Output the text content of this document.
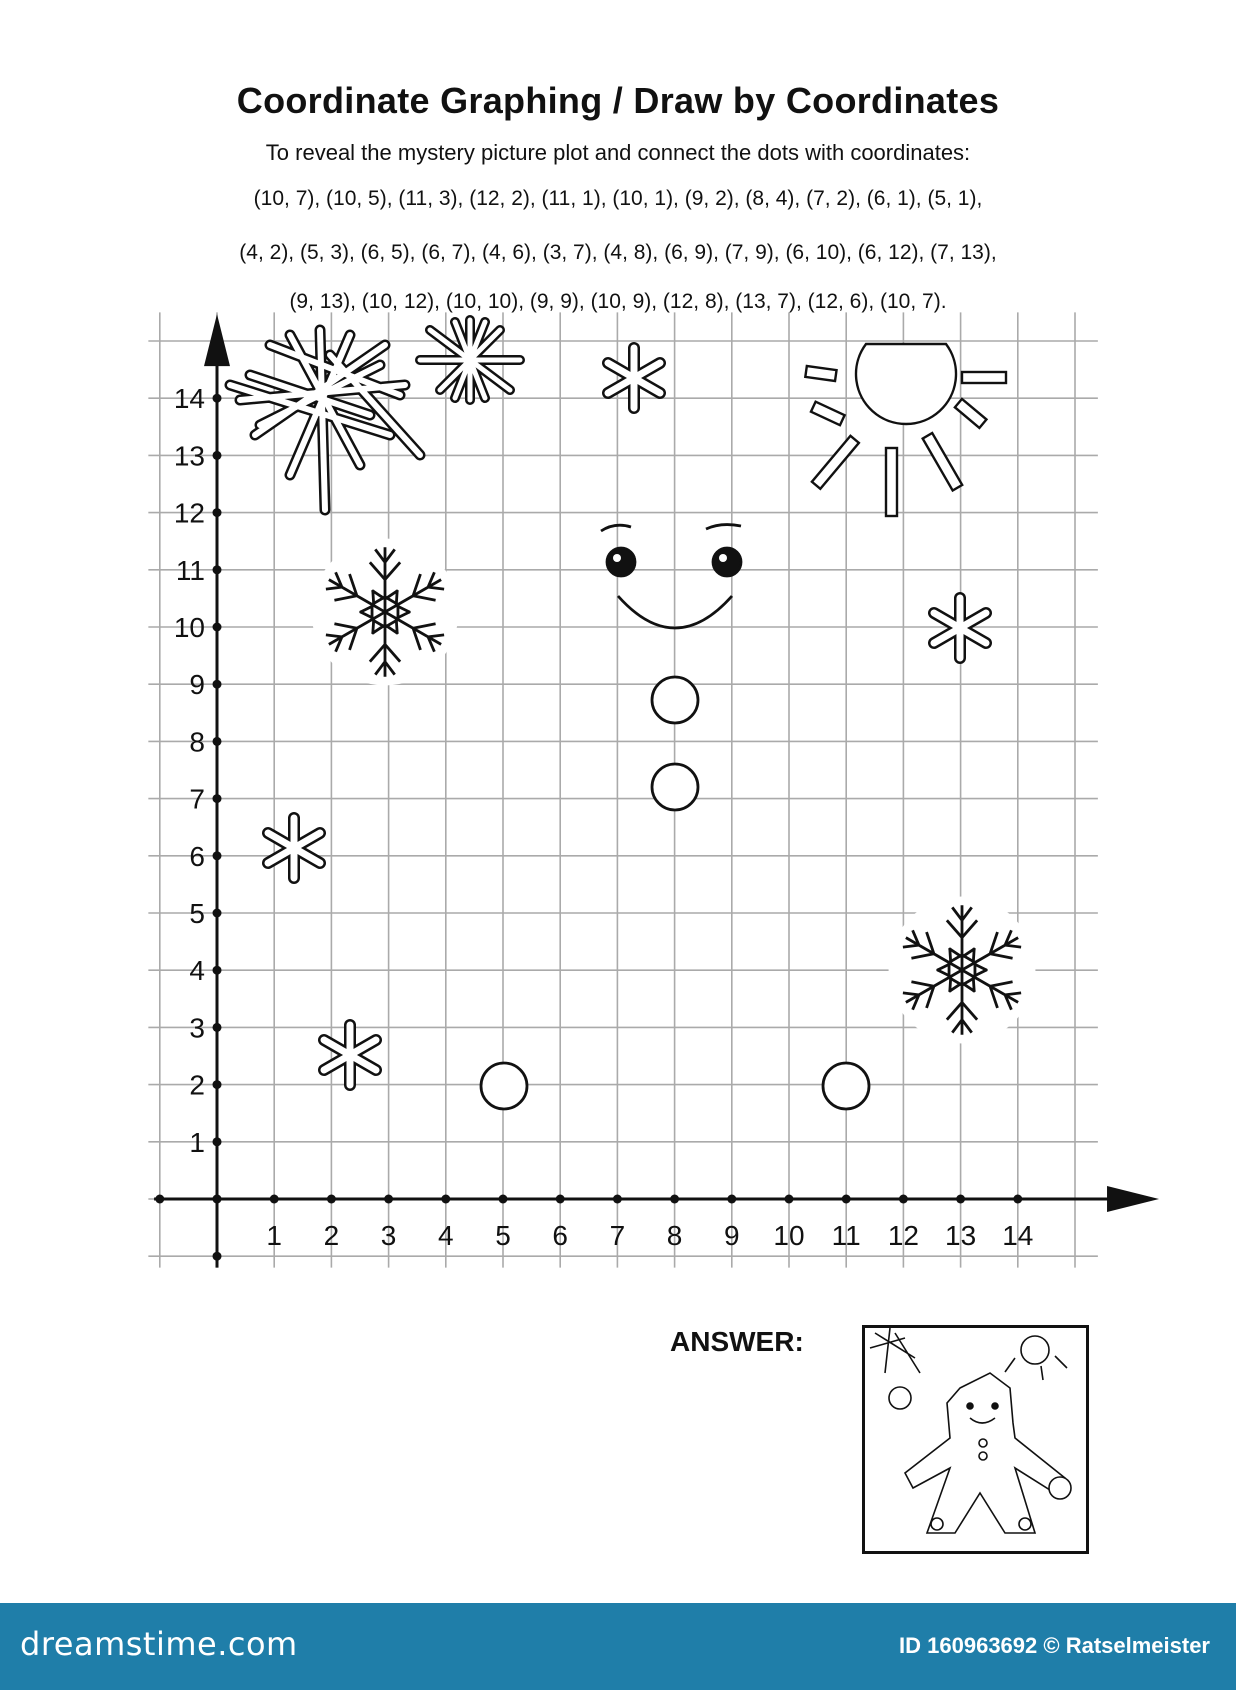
Coordinate Graphing / Draw by Coordinates
To reveal the mystery picture plot and connect the dots with coordinates:
(10, 7), (10, 5), (11, 3), (12, 2), (11, 1), (10, 1), (9, 2), (8, 4), (7, 2), (6, 1), (5, 1),
(4, 2), (5, 3), (6, 5), (6, 7), (4, 6), (3, 7), (4, 8), (6, 9), (7, 9), (6, 10), (6, 12), (7, 13),
(9, 13), (10, 12), (10, 10), (9, 9), (10, 9), (12, 8), (13, 7), (12, 6), (10, 7).
1 2 3 4 5 6 7 8 9 10 11 12 13 14
1
2
3
4
5
6
7
8
9
10
11
12
13
14
ANSWER:
dreamstime.com	ID 160963692 © Ratselmeister
